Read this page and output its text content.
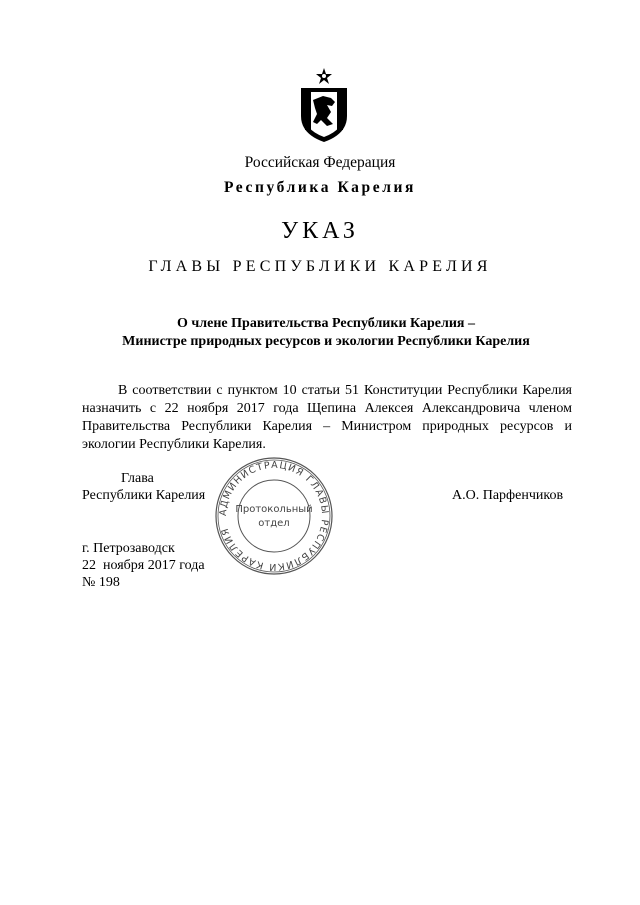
Российская Федерация
Республика Карелия
УКАЗ
ГЛАВЫ РЕСПУБЛИКИ КАРЕЛИЯ
О члене Правительства Республики Карелия –
Министре природных ресурсов и экологии Республики Карелия
В соответствии с пунктом 10 статьи 51 Конституции Республики Карелия назначить с 22 ноября 2017 года Щепина Алексея Александровича членом Правительства Республики Карелия – Министром природных ресурсов и экологии Республики Карелия.
Глава
Республики Карелия	А.О. Парфенчиков
АДМИНИСТРАЦИЯ ГЛАВЫ РЕСПУБЛИКИ КАРЕЛИЯ
Протокольный
отдел
г. Петрозаводск
22  ноября 2017 года
№ 198
